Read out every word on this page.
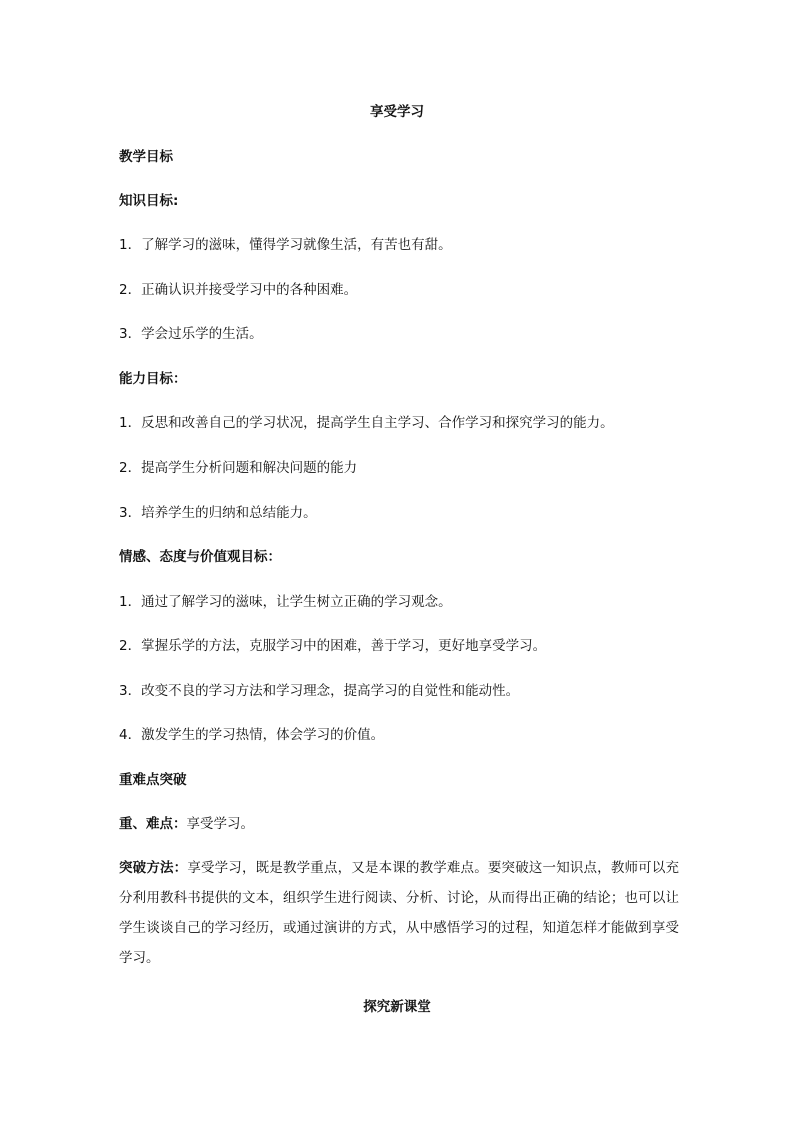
享受学习
教学目标
知识目标:
1．了解学习的滋味，懂得学习就像生活，有苦也有甜。
2．正确认识并接受学习中的各种困难。
3．学会过乐学的生活。
能力目标：
1．反思和改善自己的学习状况，提高学生自主学习、合作学习和探究学习的能力。
2．提高学生分析问题和解决问题的能力
3．培养学生的归纳和总结能力。
情感、态度与价值观目标：
1．通过了解学习的滋味，让学生树立正确的学习观念。
2．掌握乐学的方法，克服学习中的困难，善于学习，更好地享受学习。
3．改变不良的学习方法和学习理念，提高学习的自觉性和能动性。
4．激发学生的学习热情，体会学习的价值。
重难点突破
重、难点：享受学习。
突破方法：享受学习，既是教学重点，又是本课的教学难点。要突破这一知识点，教师可以充分利用教科书提供的文本，组织学生进行阅读、分析、讨论，从而得出正确的结论；也可以让学生谈谈自己的学习经历，或通过演讲的方式，从中感悟学习的过程，知道怎样才能做到享受学习。
探究新课堂
